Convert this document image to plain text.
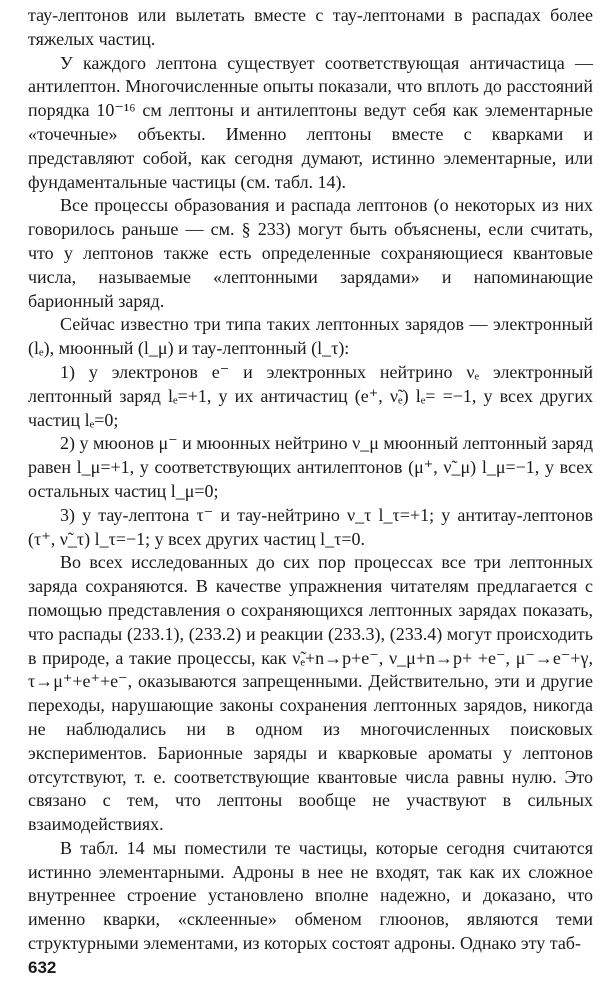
тау-лептонов или вылетать вместе с тау-лептонами в распадах более тяжелых частиц.

У каждого лептона существует соответствующая античастица — антилептон. Многочисленные опыты показали, что вплоть до расстояний порядка 10⁻¹⁶ см лептоны и антилептоны ведут себя как элементарные «точечные» объекты. Именно лептоны вместе с кварками и представляют собой, как сегодня думают, истинно элементарные, или фундаментальные частицы (см. табл. 14).

Все процессы образования и распада лептонов (о некоторых из них говорилось раньше — см. § 233) могут быть объяснены, если считать, что у лептонов также есть определенные сохраняющиеся квантовые числа, называемые «лептонными зарядами» и напоминающие барионный заряд.

Сейчас известно три типа таких лептонных зарядов — электронный (lₑ), мюонный (l_μ) и тау-лептонный (l_τ):

1) у электронов e⁻ и электронных нейтрино νₑ электронный лептонный заряд lₑ=+1, у их античастиц (e⁺, ν̃ₑ) lₑ= =−1, у всех других частиц lₑ=0;

2) у мюонов μ⁻ и мюонных нейтрино ν_μ мюонный лептонный заряд равен l_μ=+1, у соответствующих антилептонов (μ⁺, ν̃_μ) l_μ=−1, у всех остальных частиц l_μ=0;

3) у тау-лептона τ⁻ и тау-нейтрино ν_τ l_τ=+1; у антитау-лептонов (τ⁺, ν̃_τ) l_τ=−1; у всех других частиц l_τ=0.

Во всех исследованных до сих пор процессах все три лептонных заряда сохраняются. В качестве упражнения читателям предлагается с помощью представления о сохраняющихся лептонных зарядах показать, что распады (233.1), (233.2) и реакции (233.3), (233.4) могут происходить в природе, а такие процессы, как ν̃ₑ+n→p+e⁻, ν_μ+n→p+ +e⁻, μ⁻→e⁻+γ, τ→μ⁺+e⁺+e⁻, оказываются запрещенными. Действительно, эти и другие переходы, нарушающие законы сохранения лептонных зарядов, никогда не наблюдались ни в одном из многочисленных поисковых экспериментов. Барионные заряды и кварковые ароматы у лептонов отсутствуют, т. е. соответствующие квантовые числа равны нулю. Это связано с тем, что лептоны вообще не участвуют в сильных взаимодействиях.

В табл. 14 мы поместили те частицы, которые сегодня считаются истинно элементарными. Адроны в нее не входят, так как их сложное внутреннее строение установлено вполне надежно, и доказано, что именно кварки, «склеенные» обменом глюонов, являются теми структурными элементами, из которых состоят адроны. Однако эту таб-

632
